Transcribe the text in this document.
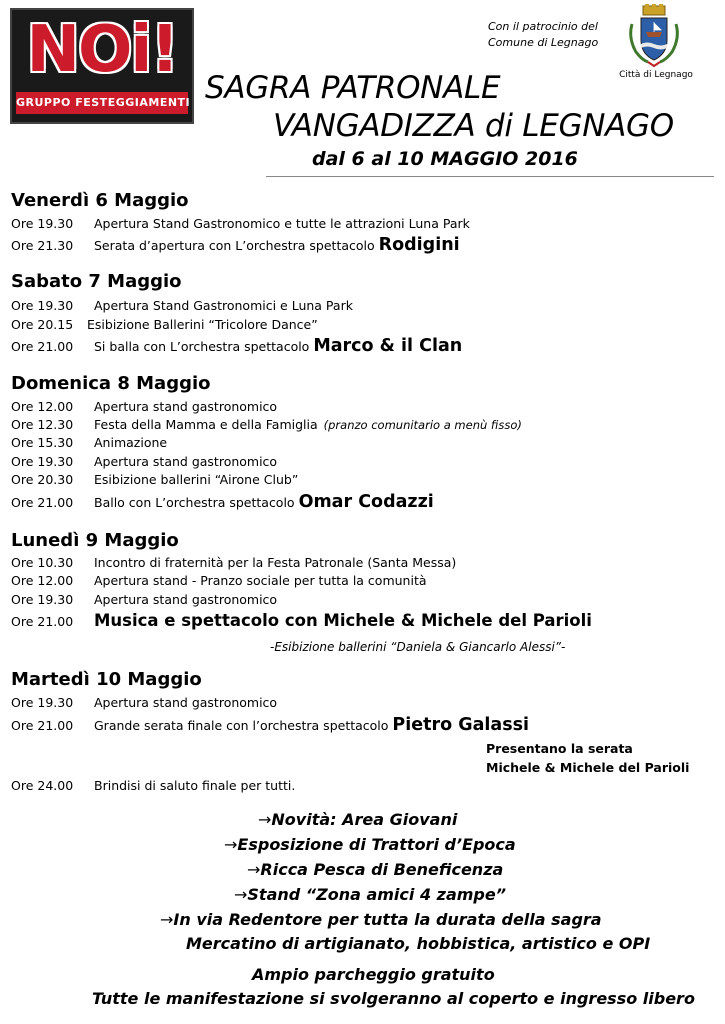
NOi!
GRUPPO FESTEGGIAMENTI
Con il patrocinio del
Comune di Legnago
Città di Legnago
SAGRA PATRONALE
VANGADIZZA di LEGNAGO
dal 6 al 10 MAGGIO 2016
Venerdì 6 Maggio
Ore 19.30 Apertura Stand Gastronomico e tutte le attrazioni Luna Park
Ore 21.30 Serata d’apertura con L’orchestra spettacolo Rodigini
Sabato 7 Maggio
Ore 19.30 Apertura Stand Gastronomici e Luna Park
Ore 20.15 Esibizione Ballerini “Tricolore Dance”
Ore 21.00 Si balla con L’orchestra spettacolo Marco & il Clan
Domenica 8 Maggio
Ore 12.00 Apertura stand gastronomico
Ore 12.30 Festa della Mamma e della Famiglia (pranzo comunitario a menù fisso)
Ore 15.30 Animazione
Ore 19.30 Apertura stand gastronomico
Ore 20.30 Esibizione ballerini “Airone Club”
Ore 21.00 Ballo con L’orchestra spettacolo Omar Codazzi
Lunedì 9 Maggio
Ore 10.30 Incontro di fraternità per la Festa Patronale (Santa Messa)
Ore 12.00 Apertura stand - Pranzo sociale per tutta la comunità
Ore 19.30 Apertura stand gastronomico
Ore 21.00 Musica e spettacolo con Michele & Michele del Parioli
-Esibizione ballerini “Daniela & Giancarlo Alessi”-
Martedì 10 Maggio
Ore 19.30 Apertura stand gastronomico
Ore 21.00 Grande serata finale con l’orchestra spettacolo Pietro Galassi
Presentano la serata
Michele & Michele del Parioli
Ore 24.00 Brindisi di saluto finale per tutti.
→Novità: Area Giovani
→Esposizione di Trattori d’Epoca
→Ricca Pesca di Beneficenza
→Stand “Zona amici 4 zampe”
→In via Redentore per tutta la durata della sagra
Mercatino di artigianato, hobbistica, artistico e OPI
Ampio parcheggio gratuito
Tutte le manifestazione si svolgeranno al coperto e ingresso libero
